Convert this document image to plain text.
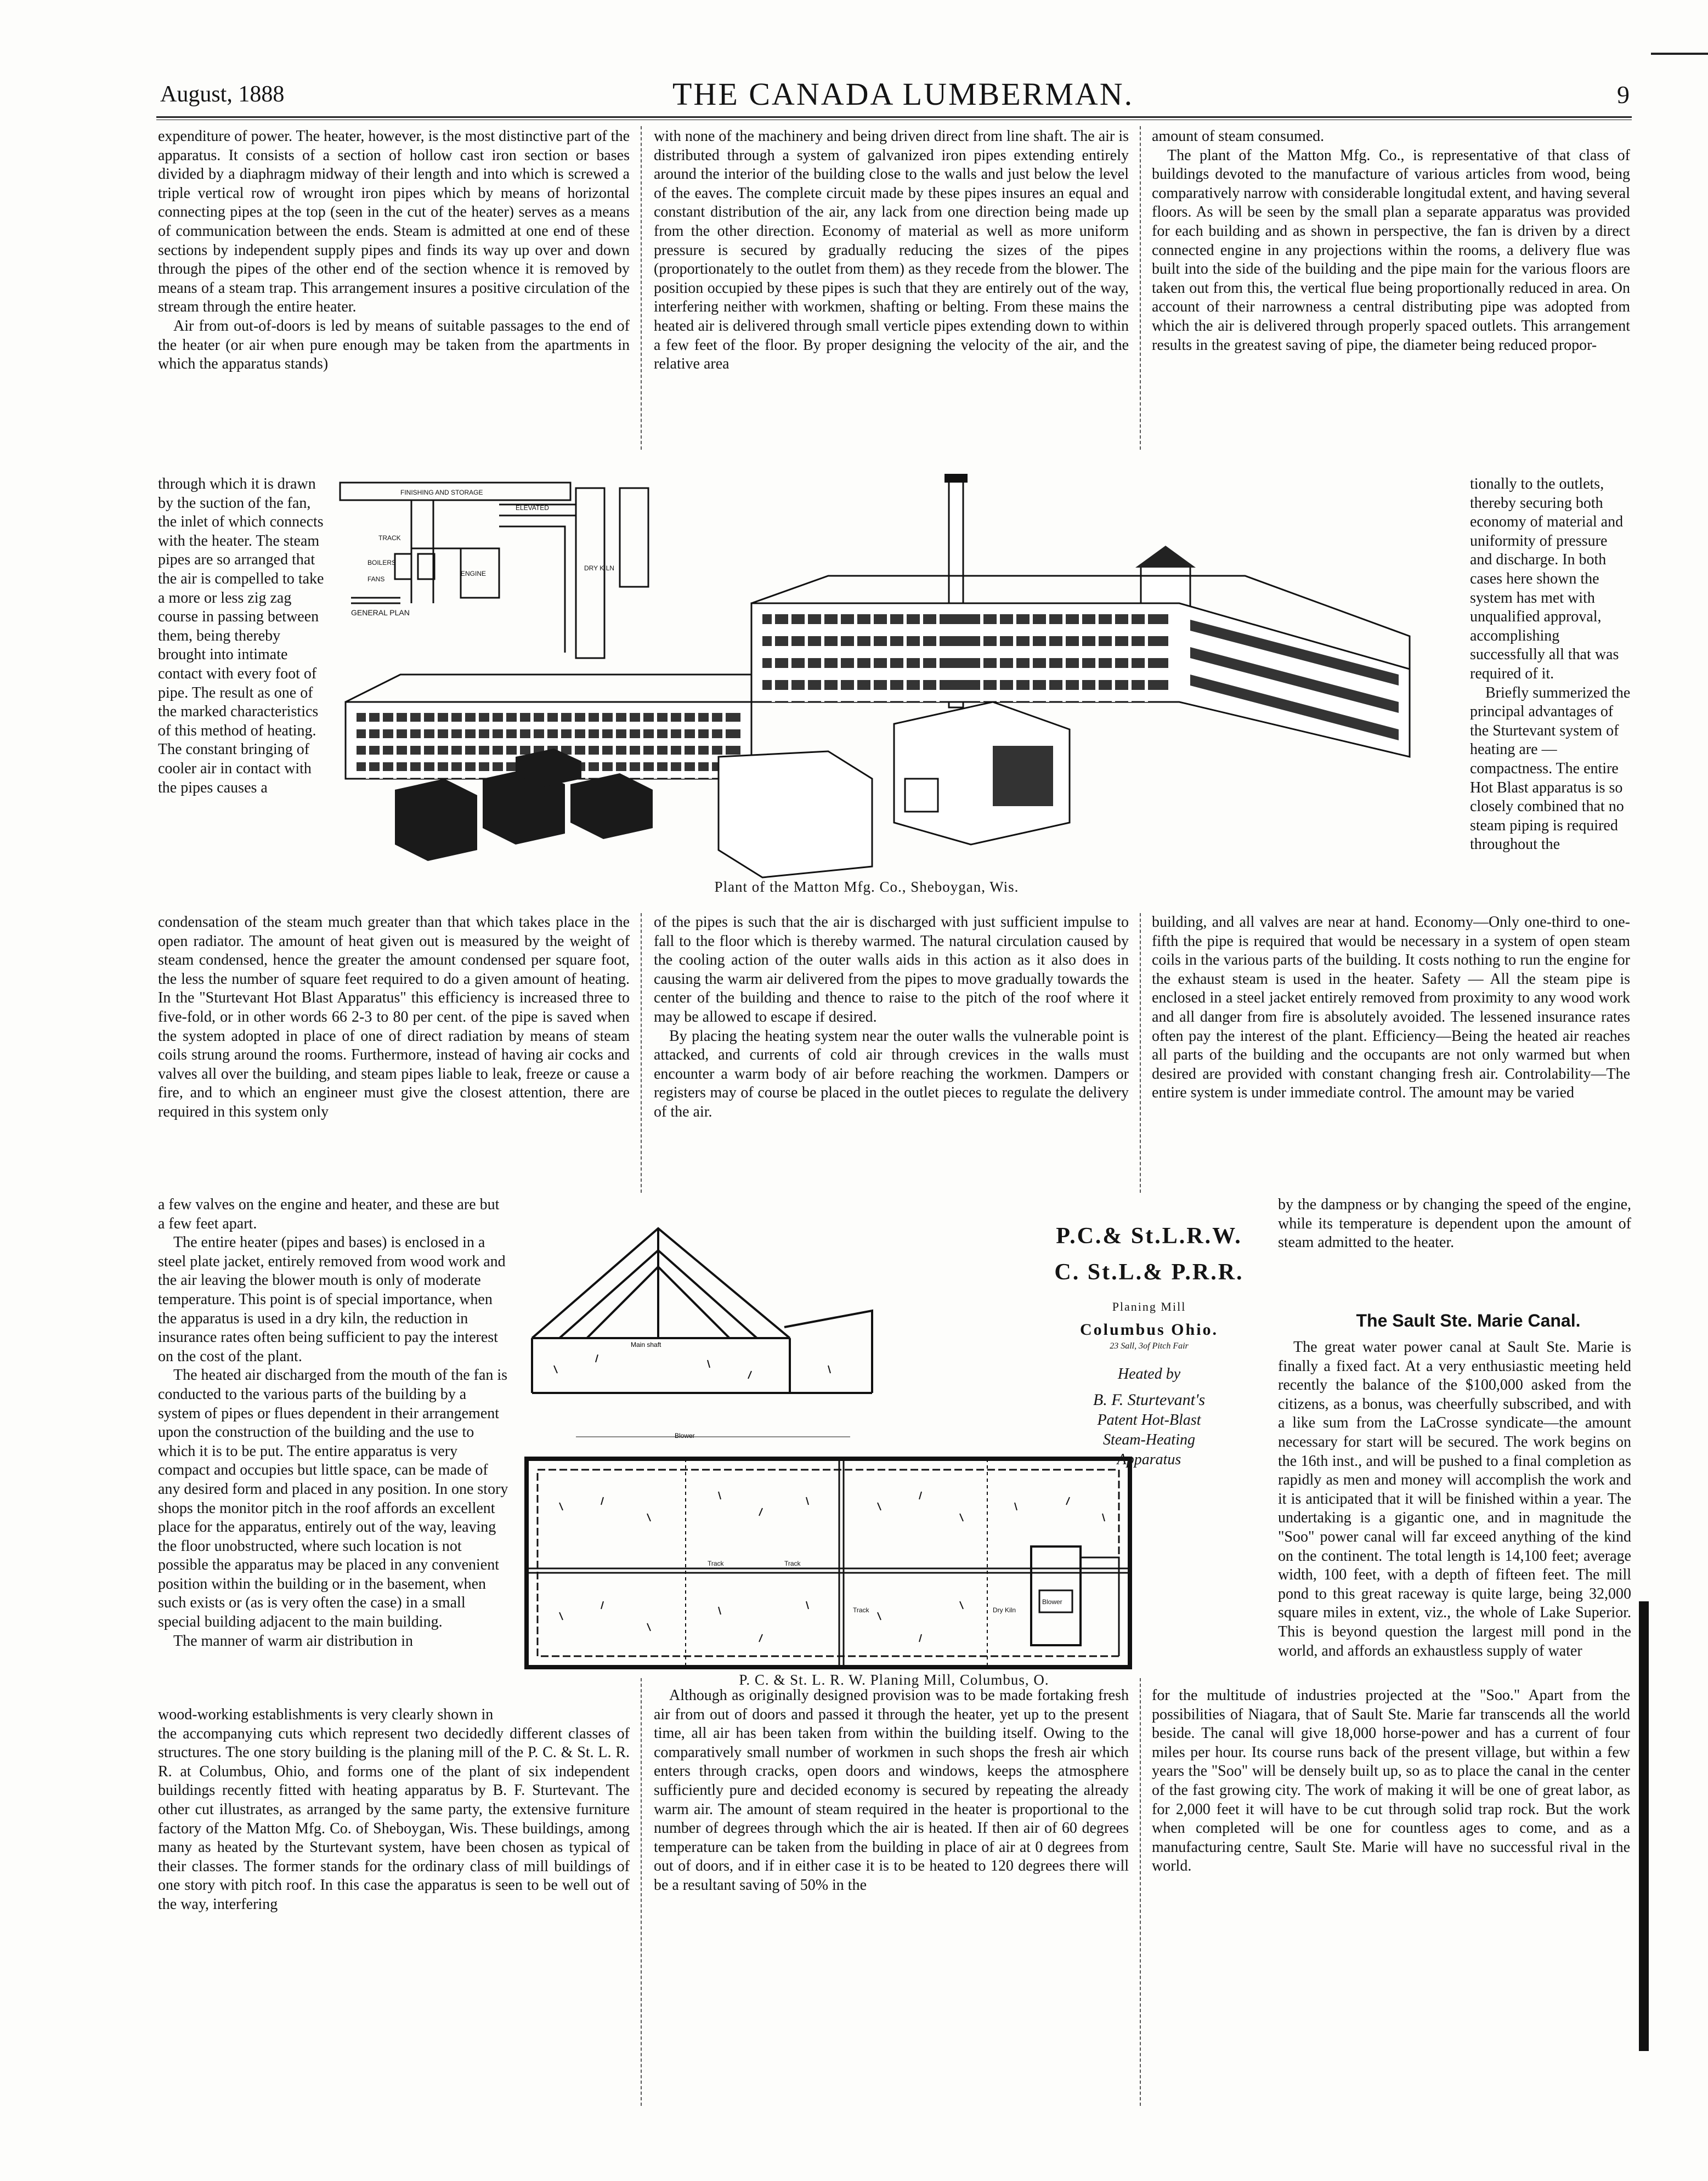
August, 1888	THE CANADA LUMBERMAN.	9

expenditure of power. The heater, however, is the most distinctive part of the apparatus. It consists of a section of hollow cast iron section or bases divided by a diaphragm midway of their length and into which is screwed a triple vertical row of wrought iron pipes which by means of horizontal connecting pipes at the top (seen in the cut of the heater) serves as a means of communication between the ends. Steam is admitted at one end of these sections by independent supply pipes and finds its way up over and down through the pipes of the other end of the section whence it is removed by means of a steam trap. This arrangement insures a positive circulation of the stream through the entire heater.

Air from out-of-doors is led by means of suitable passages to the end of the heater (or air when pure enough may be taken from the apartments in which the apparatus stands)

with none of the machinery and being driven direct from line shaft. The air is distributed through a system of galvanized iron pipes extending entirely around the interior of the building close to the walls and just below the level of the eaves. The complete circuit made by these pipes insures an equal and constant distribution of the air, any lack from one direction being made up from the other direction. Economy of material as well as more uniform pressure is secured by gradually reducing the sizes of the pipes (proportionately to the outlet from them) as they recede from the blower. The position occupied by these pipes is such that they are entirely out of the way, interfering neither with workmen, shafting or belting. From these mains the heated air is delivered through small verticle pipes extending down to within a few feet of the floor. By proper designing the velocity of the air, and the relative area

amount of steam consumed.

The plant of the Matton Mfg. Co., is representative of that class of buildings devoted to the manufacture of various articles from wood, being comparatively narrow with considerable longitudal extent, and having several floors. As will be seen by the small plan a separate apparatus was provided for each building and as shown in perspective, the fan is driven by a direct connected engine in any projections within the rooms, a delivery flue was built into the side of the building and the pipe main for the various floors are taken out from this, the vertical flue being proportionally reduced in area. On account of their narrowness a central distributing pipe was adopted from which the air is delivered through properly spaced outlets. This arrangement results in the greatest saving of pipe, the diameter being reduced propor-

through which it is drawn by the suction of the fan, the inlet of which connects with the heater. The steam pipes are so arranged that the air is compelled to take a more or less zig zag course in passing between them, being thereby brought into intimate contact with every foot of pipe. The result as one of the marked characteristics of this method of heating. The constant bringing of cooler air in contact with the pipes causes a

tionally to the outlets, thereby securing both economy of material and uniformity of pressure and discharge. In both cases here shown the system has met with unqualified approval, accomplishing successfully all that was required of it.

Briefly summerized the principal advantages of the Sturtevant system of heating are —compactness. The entire Hot Blast apparatus is so closely combined that no steam piping is required throughout the

FINISHING AND STORAGE
ELEVATED
TRACK
BOILERS
ENGINE
FANS
DRY KILN
GENERAL PLAN
Plant of the Matton Mfg. Co., Sheboygan, Wis.
condensation of the steam much greater than that which takes place in the open radiator. The amount of heat given out is measured by the weight of steam condensed, hence the greater the amount condensed per square foot, the less the number of square feet required to do a given amount of heating. In the "Sturtevant Hot Blast Apparatus" this efficiency is increased three to five-fold, or in other words 66 2-3 to 80 per cent. of the pipe is saved when the system adopted in place of one of direct radiation by means of steam coils strung around the rooms. Furthermore, instead of having air cocks and valves all over the building, and steam pipes liable to leak, freeze or cause a fire, and to which an engineer must give the closest attention, there are required in this system only

of the pipes is such that the air is discharged with just sufficient impulse to fall to the floor which is thereby warmed. The natural circulation caused by the cooling action of the outer walls aids in this action as it also does in causing the warm air delivered from the pipes to move gradually towards the center of the building and thence to raise to the pitch of the roof where it may be allowed to escape if desired.

By placing the heating system near the outer walls the vulnerable point is attacked, and currents of cold air through crevices in the walls must encounter a warm body of air before reaching the workmen. Dampers or registers may of course be placed in the outlet pieces to regulate the delivery of the air.

building, and all valves are near at hand. Economy—Only one-third to one-fifth the pipe is required that would be necessary in a system of open steam coils in the various parts of the building. It costs nothing to run the engine for the exhaust steam is used in the heater. Safety — All the steam pipe is enclosed in a steel jacket entirely removed from proximity to any wood work and all danger from fire is absolutely avoided. The lessened insurance rates often pay the interest of the plant. Efficiency—Being the heated air reaches all parts of the building and the occupants are not only warmed but when desired are provided with constant changing fresh air. Controlability—The entire system is under immediate control. The amount may be varied

a few valves on the engine and heater, and these are but a few feet apart.

The entire heater (pipes and bases) is enclosed in a steel plate jacket, entirely removed from wood work and the air leaving the blower mouth is only of moderate temperature. This point is of special importance, when the apparatus is used in a dry kiln, the reduction in insurance rates often being sufficient to pay the interest on the cost of the plant.

The heated air discharged from the mouth of the fan is conducted to the various parts of the building by a system of pipes or flues dependent in their arrangement upon the construction of the building and the use to which it is to be put. The entire apparatus is very compact and occupies but little space, can be made of any desired form and placed in any position. In one story shops the monitor pitch in the roof affords an excellent place for the apparatus, entirely out of the way, leaving the floor unobstructed, where such location is not possible the apparatus may be placed in any convenient position within the building or in the basement, when such exists or (as is very often the case) in a small special building adjacent to the main building.

The manner of warm air distribution in

by the dampness or by changing the speed of the engine, while its temperature is dependent upon the amount of steam admitted to the heater.
Main shaft
Blower
Track	Track
Track	Dry Kiln
Blower
P. C. & St. L. R. W. Planing Mill, Columbus, O.
P.C.& St.L.R.W.
C. St.L.& P.R.R.
Planing Mill
Columbus Ohio.
23 Sall, 3of Pitch Fair
Heated by
B. F. Sturtevant's
Patent Hot-Blast
Steam-Heating
Apparatus
The Sault Ste. Marie Canal.

The great water power canal at Sault Ste. Marie is finally a fixed fact. At a very enthusiastic meeting held recently the balance of the $100,000 asked from the citizens, as a bonus, was cheerfully subscribed, and with a like sum from the LaCrosse syndicate—the amount necessary for start will be secured. The work begins on the 16th inst., and will be pushed to a final completion as rapidly as men and money will accomplish the work and it is anticipated that it will be finished within a year. The undertaking is a gigantic one, and in magnitude the "Soo" power canal will far exceed anything of the kind on the continent. The total length is 14,100 feet; average width, 100 feet, with a depth of fifteen feet. The mill pond to this great raceway is quite large, being 32,000 square miles in extent, viz., the whole of Lake Superior. This is beyond question the largest mill pond in the world, and affords an exhaustless supply of water

wood-working establishments is very clearly shown in

the accompanying cuts which represent two decidedly different classes of structures. The one story building is the planing mill of the P. C. & St. L. R. R. at Columbus, Ohio, and forms one of the plant of six independent buildings recently fitted with heating apparatus by B. F. Sturtevant. The other cut illustrates, as arranged by the same party, the extensive furniture factory of the Matton Mfg. Co. of Sheboygan, Wis. These buildings, among many as heated by the Sturtevant system, have been chosen as typical of their classes. The former stands for the ordinary class of mill buildings of one story with pitch roof. In this case the apparatus is seen to be well out of the way, interfering

Although as originally designed provision was to be made fortaking fresh air from out of doors and passed it through the heater, yet up to the present time, all air has been taken from within the building itself. Owing to the comparatively small number of workmen in such shops the fresh air which enters through cracks, open doors and windows, keeps the atmosphere sufficiently pure and decided economy is secured by repeating the already warm air. The amount of steam required in the heater is proportional to the number of degrees through which the air is heated. If then air of 60 degrees temperature can be taken from the building in place of air at 0 degrees from out of doors, and if in either case it is to be heated to 120 degrees there will be a resultant saving of 50% in the

for the multitude of industries projected at the "Soo." Apart from the possibilities of Niagara, that of Sault Ste. Marie far transcends all the world beside. The canal will give 18,000 horse-power and has a current of four miles per hour. Its course runs back of the present village, but within a few years the "Soo" will be densely built up, so as to place the canal in the center of the fast growing city. The work of making it will be one of great labor, as for 2,000 feet it will have to be cut through solid trap rock. But the work when completed will be one for countless ages to come, and as a manufacturing centre, Sault Ste. Marie will have no successful rival in the world.
